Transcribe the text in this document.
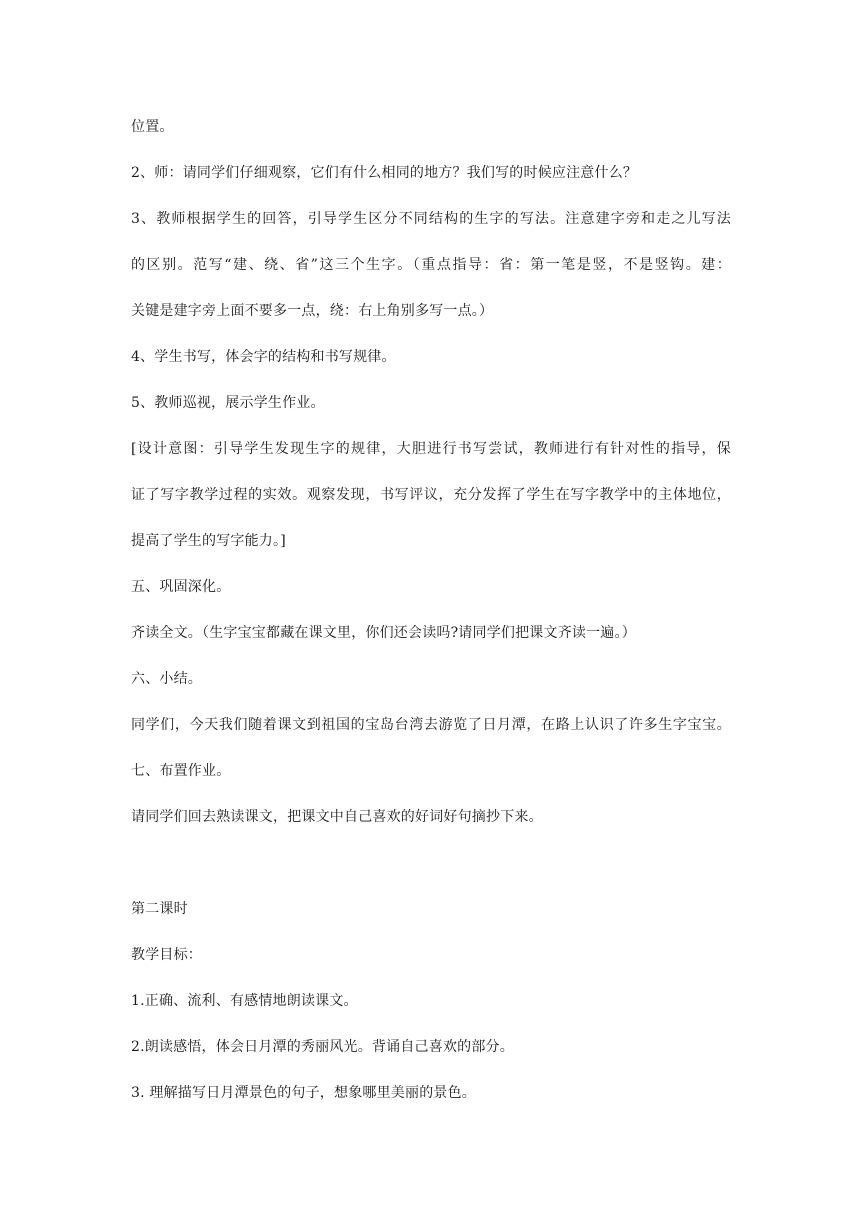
位置。
2、师：请同学们仔细观察，它们有什么相同的地方？我们写的时候应注意什么？
3、教师根据学生的回答，引导学生区分不同结构的生字的写法。注意建字旁和走之儿写法
的区别。范写“建、绕、省”这三个生字。（重点指导：省：第一笔是竖，不是竖钩。建：
关键是建字旁上面不要多一点，绕：右上角别多写一点。）
4、学生书写，体会字的结构和书写规律。
5、教师巡视，展示学生作业。
[设计意图：引导学生发现生字的规律，大胆进行书写尝试，教师进行有针对性的指导，保
证了写字教学过程的实效。观察发现，书写评议，充分发挥了学生在写字教学中的主体地位，
提高了学生的写字能力。]
五、巩固深化。
齐读全文。（生字宝宝都藏在课文里，你们还会读吗?请同学们把课文齐读一遍。）
六、小结。
同学们，今天我们随着课文到祖国的宝岛台湾去游览了日月潭，在路上认识了许多生字宝宝。
七、布置作业。
请同学们回去熟读课文，把课文中自己喜欢的好词好句摘抄下来。
第二课时
教学目标：
1.正确、流利、有感情地朗读课文。
2.朗读感悟，体会日月潭的秀丽风光。背诵自己喜欢的部分。
3. 理解描写日月潭景色的句子，想象哪里美丽的景色。
